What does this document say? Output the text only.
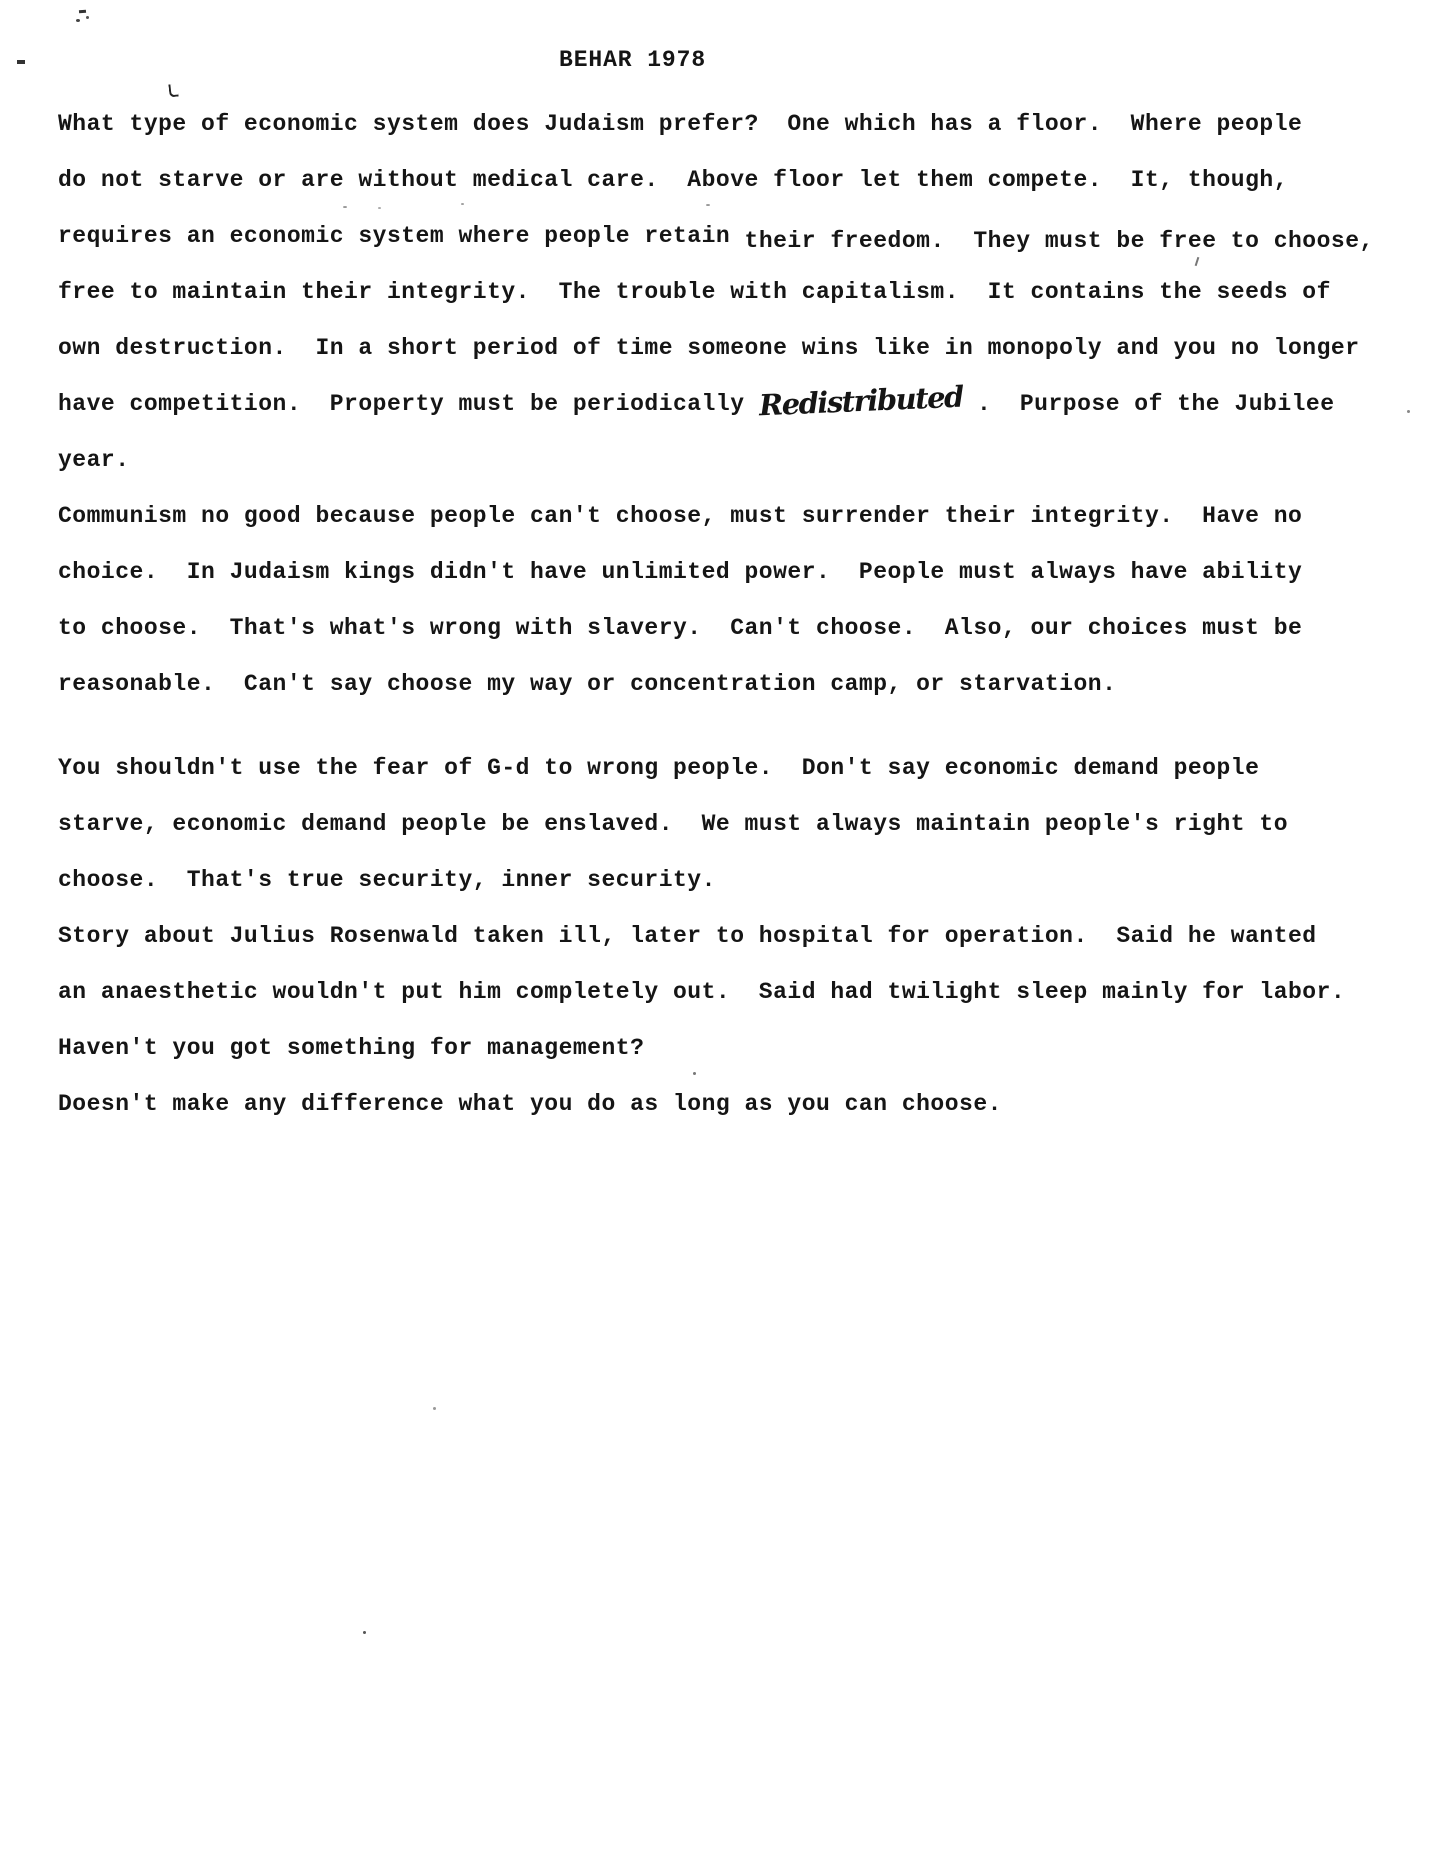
BEHAR 1978
What type of economic system does Judaism prefer?  One which has a floor.  Where people
do not starve or are without medical care.  Above floor let them compete.  It, though,
requires an economic system where people retain their freedom.  They must be free to choose,
free to maintain their integrity.  The trouble with capitalism.  It contains the seeds of
own destruction.  In a short period of time someone wins like in monopoly and you no longer
have competition.  Property must be periodically Redistributed .  Purpose of the Jubilee
year.
Communism no good because people can't choose, must surrender their integrity.  Have no
choice.  In Judaism kings didn't have unlimited power.  People must always have ability
to choose.  That's what's wrong with slavery.  Can't choose.  Also, our choices must be
reasonable.  Can't say choose my way or concentration camp, or starvation.
You shouldn't use the fear of G-d to wrong people.  Don't say economic demand people
starve, economic demand people be enslaved.  We must always maintain people's right to
choose.  That's true security, inner security.
Story about Julius Rosenwald taken ill, later to hospital for operation.  Said he wanted
an anaesthetic wouldn't put him completely out.  Said had twilight sleep mainly for labor.
Haven't you got something for management?
Doesn't make any difference what you do as long as you can choose.
